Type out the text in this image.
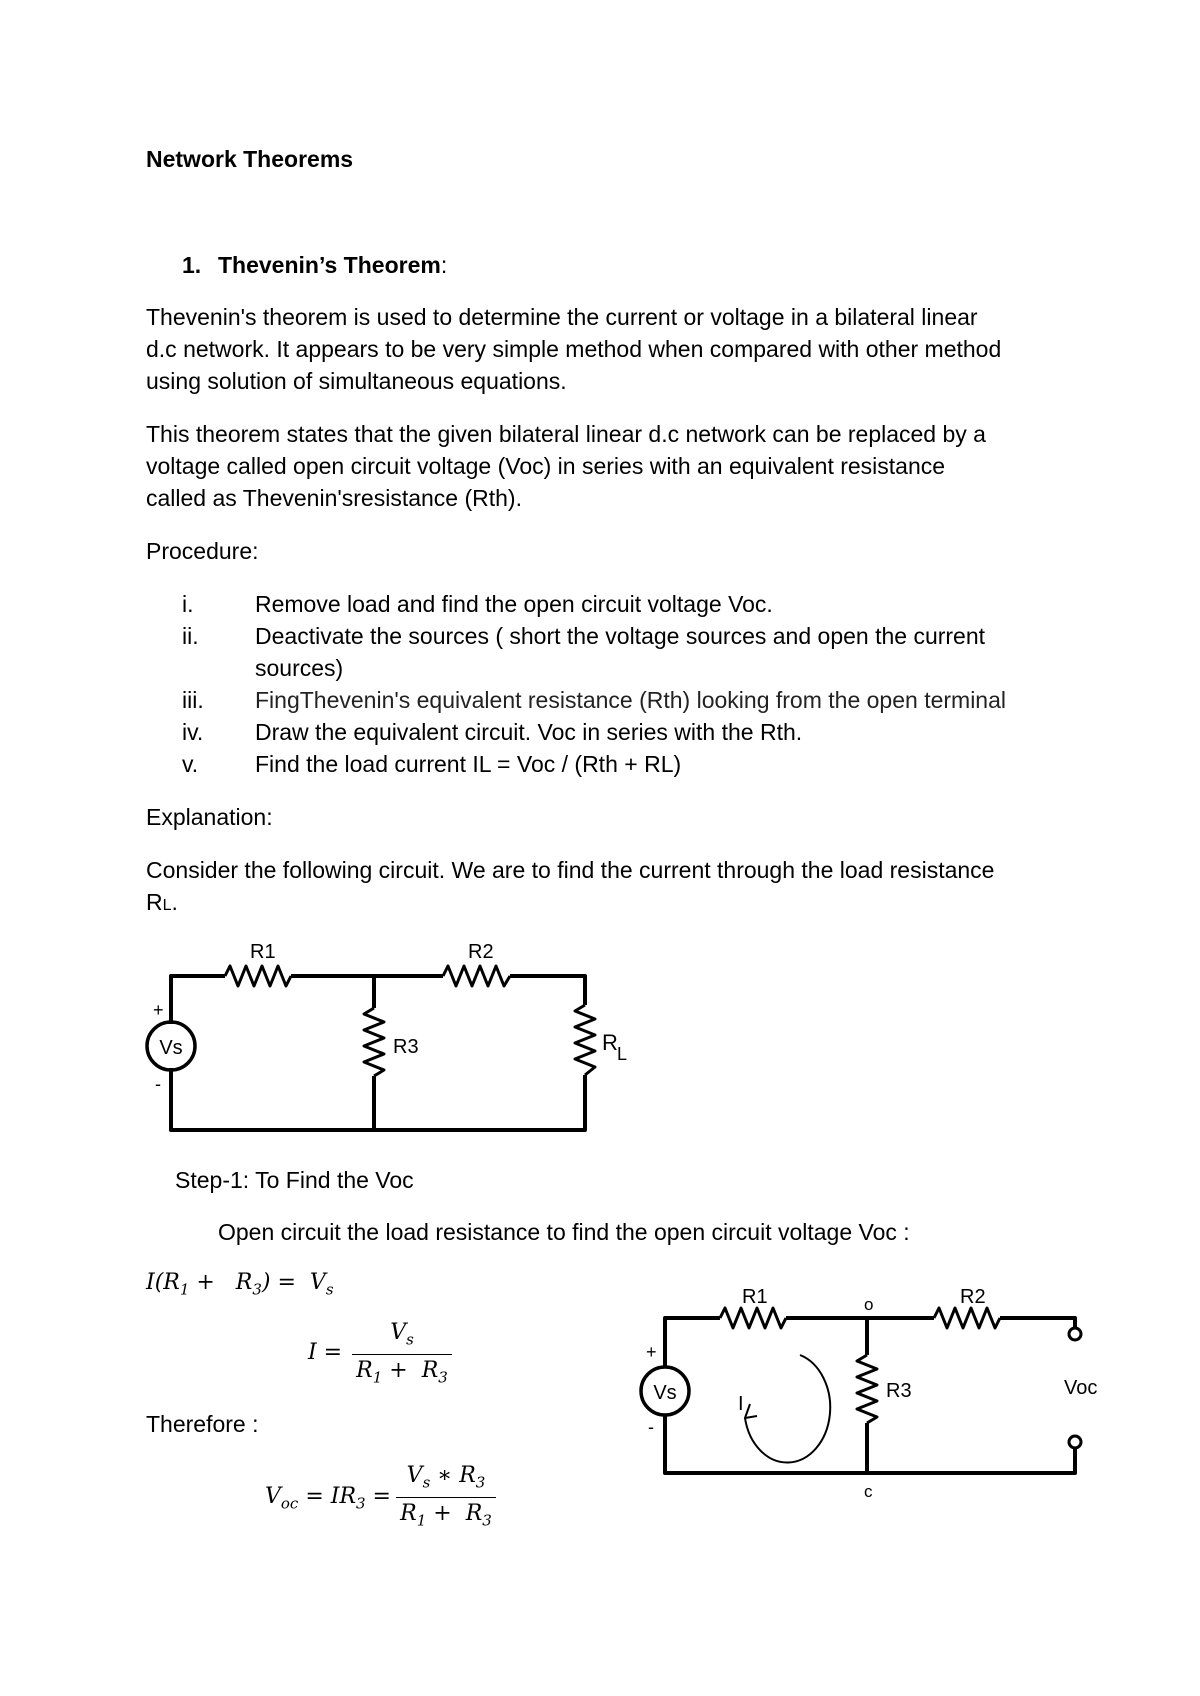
Network Theorems
1. Thevenin’s Theorem:
Thevenin's theorem is used to determine the current or voltage in a bilateral linear
d.c network. It appears to be very simple method when compared with other method
using solution of simultaneous equations.
This theorem states that the given bilateral linear d.c network can be replaced by a
voltage called open circuit voltage (Voc) in series with an equivalent resistance
called as Thevenin'sresistance (Rth).
Procedure:
i.	Remove load and find the open circuit voltage Voc.
ii. Deactivate the sources ( short the voltage sources and open the current
sources)
iii. FingThevenin's equivalent resistance (Rth) looking from the open terminal
iv. Draw the equivalent circuit. Voc in series with the Rth.
v. Find the load current IL = Voc / (Rth + RL)
Explanation:
Consider the following circuit. We are to find the current through the load resistance
RL.
R1	R2
R3	R L
Vs
+
-
Step-1: To Find the Voc
Open circuit the load resistance to find the open circuit voltage Voc :
𝐼(𝑅$_1$ +   𝑅$_3$) =  𝑉$_𝑠$
𝐼 =
𝑉$_𝑠$
𝑅$_1$ +  𝑅$_3$
Therefore :
𝑉$_{𝑜𝑐}$ = 𝐼𝑅$_3$ =
𝑉$_𝑠$ ∗ 𝑅$_3$
𝑅$_1$ +  𝑅$_3$
R1	R2
R3
o
c
I
Voc
Vs
+
-
